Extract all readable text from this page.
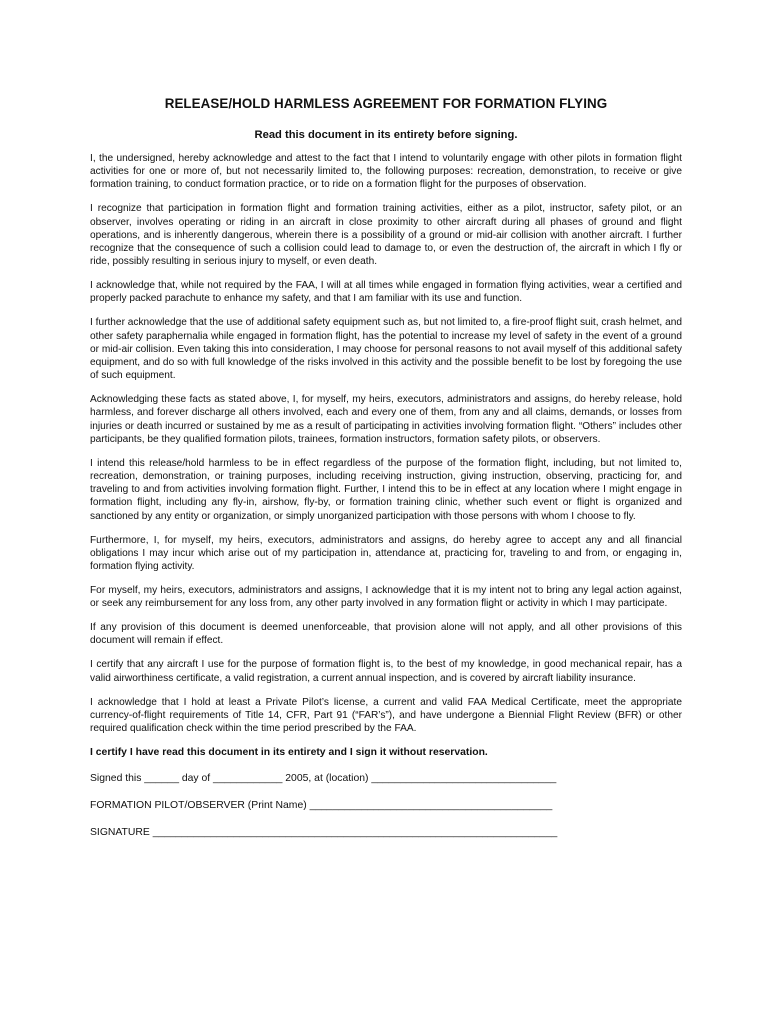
RELEASE/HOLD HARMLESS AGREEMENT FOR FORMATION FLYING

Read this document in its entirety before signing.

I, the undersigned, hereby acknowledge and attest to the fact that I intend to voluntarily engage with other pilots in formation flight activities for one or more of, but not necessarily limited to, the following purposes: recreation, demonstration, to receive or give formation training, to conduct formation practice, or to ride on a formation flight for the purposes of observation.

I recognize that participation in formation flight and formation training activities, either as a pilot, instructor, safety pilot, or an observer, involves operating or riding in an aircraft in close proximity to other aircraft during all phases of ground and flight operations, and is inherently dangerous, wherein there is a possibility of a ground or mid-air collision with another aircraft. I further recognize that the consequence of such a collision could lead to damage to, or even the destruction of, the aircraft in which I fly or ride, possibly resulting in serious injury to myself, or even death.

I acknowledge that, while not required by the FAA, I will at all times while engaged in formation flying activities, wear a certified and properly packed parachute to enhance my safety, and that I am familiar with its use and function.

I further acknowledge that the use of additional safety equipment such as, but not limited to, a fire-proof flight suit, crash helmet, and other safety paraphernalia while engaged in formation flight, has the potential to increase my level of safety in the event of a ground or mid-air collision. Even taking this into consideration, I may choose for personal reasons to not avail myself of this additional safety equipment, and do so with full knowledge of the risks involved in this activity and the possible benefit to be lost by foregoing the use of such equipment.

Acknowledging these facts as stated above, I, for myself, my heirs, executors, administrators and assigns, do hereby release, hold harmless, and forever discharge all others involved, each and every one of them, from any and all claims, demands, or losses from injuries or death incurred or sustained by me as a result of participating in activities involving formation flight. “Others” includes other participants, be they qualified formation pilots, trainees, formation instructors, formation safety pilots, or observers.

I intend this release/hold harmless to be in effect regardless of the purpose of the formation flight, including, but not limited to, recreation, demonstration, or training purposes, including receiving instruction, giving instruction, observing, practicing for, and traveling to and from activities involving formation flight. Further, I intend this to be in effect at any location where I might engage in formation flight, including any fly-in, airshow, fly-by, or formation training clinic, whether such event or flight is organized and sanctioned by any entity or organization, or simply unorganized participation with those persons with whom I choose to fly.

Furthermore, I, for myself, my heirs, executors, administrators and assigns, do hereby agree to accept any and all financial obligations I may incur which arise out of my participation in, attendance at, practicing for, traveling to and from, or engaging in, formation flying activity.

For myself, my heirs, executors, administrators and assigns, I acknowledge that it is my intent not to bring any legal action against, or seek any reimbursement for any loss from, any other party involved in any formation flight or activity in which I may participate.

If any provision of this document is deemed unenforceable, that provision alone will not apply, and all other provisions of this document will remain if effect.

I certify that any aircraft I use for the purpose of formation flight is, to the best of my knowledge, in good mechanical repair, has a valid airworthiness certificate, a valid registration, a current annual inspection, and is covered by aircraft liability insurance.

I acknowledge that I hold at least a Private Pilot’s license, a current and valid FAA Medical Certificate, meet the appropriate currency-of-flight requirements of Title 14, CFR, Part 91 (“FAR’s”), and have undergone a Biennial Flight Review (BFR) or other required qualification check within the time period prescribed by the FAA.

I certify I have read this document in its entirety and I sign it without reservation.

Signed this ______ day of ____________ 2005, at (location) ________________________________

FORMATION PILOT/OBSERVER (Print Name) __________________________________________

SIGNATURE ______________________________________________________________________
